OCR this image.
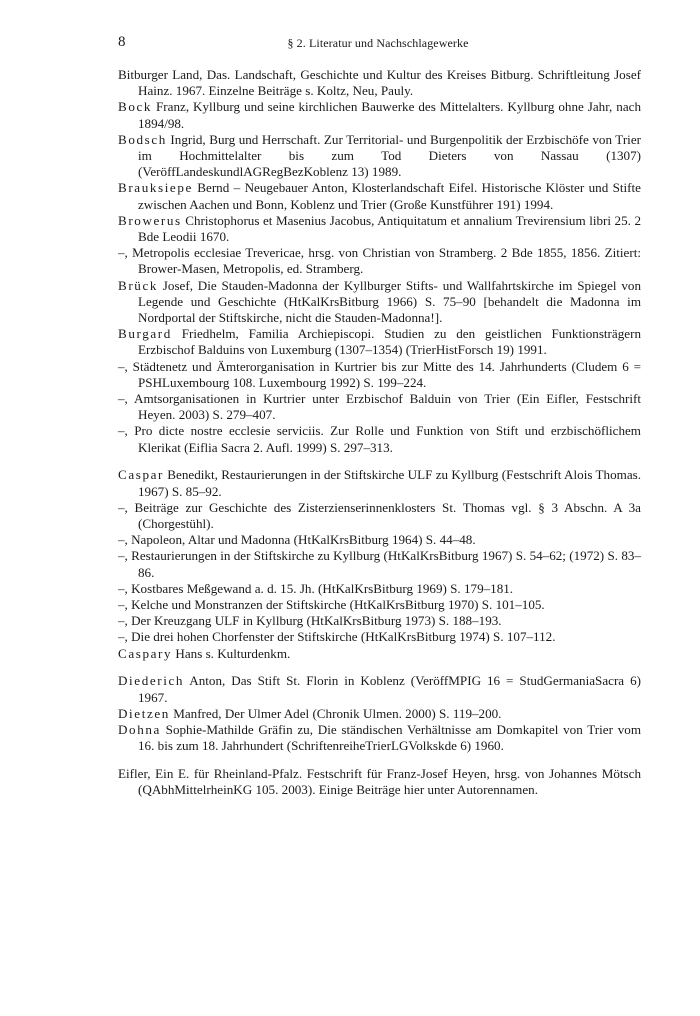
8	§ 2. Literatur und Nachschlagewerke

Bitburger Land, Das. Landschaft, Geschichte und Kultur des Kreises Bitburg. Schriftleitung Josef Hainz. 1967. Einzelne Beiträge s. Koltz, Neu, Pauly.

Bock Franz, Kyllburg und seine kirchlichen Bauwerke des Mittelalters. Kyllburg ohne Jahr, nach 1894/98.

Bodsch Ingrid, Burg und Herrschaft. Zur Territorial- und Burgenpolitik der Erzbischöfe von Trier im Hochmittelalter bis zum Tod Dieters von Nassau (1307) (VeröffLandeskundlAGRegBezKoblenz 13) 1989.

Brauksiepe Bernd – Neugebauer Anton, Klosterlandschaft Eifel. Historische Klöster und Stifte zwischen Aachen und Bonn, Koblenz und Trier (Große Kunstführer 191) 1994.

Browerus Christophorus et Masenius Jacobus, Antiquitatum et annalium Trevirensium libri 25. 2 Bde Leodii 1670.

–, Metropolis ecclesiae Trevericae, hrsg. von Christian von Stramberg. 2 Bde 1855, 1856. Zitiert: Brower-Masen, Metropolis, ed. Stramberg.

Brück Josef, Die Stauden-Madonna der Kyllburger Stifts- und Wallfahrtskirche im Spiegel von Legende und Geschichte (HtKalKrsBitburg 1966) S. 75–90 [behandelt die Madonna im Nordportal der Stiftskirche, nicht die Stauden-Madonna!].

Burgard Friedhelm, Familia Archiepiscopi. Studien zu den geistlichen Funktionsträgern Erzbischof Balduins von Luxemburg (1307–1354) (TrierHistForsch 19) 1991.

–, Städtenetz und Ämterorganisation in Kurtrier bis zur Mitte des 14. Jahrhunderts (Cludem 6 = PSHLuxembourg 108. Luxembourg 1992) S. 199–224.

–, Amtsorganisationen in Kurtrier unter Erzbischof Balduin von Trier (Ein Eifler, Festschrift Heyen. 2003) S. 279–407.

–, Pro dicte nostre ecclesie serviciis. Zur Rolle und Funktion von Stift und erzbischöflichem Klerikat (Eiflia Sacra 2. Aufl. 1999) S. 297–313.

Caspar Benedikt, Restaurierungen in der Stiftskirche ULF zu Kyllburg (Festschrift Alois Thomas. 1967) S. 85–92.

–, Beiträge zur Geschichte des Zisterzienserinnenklosters St. Thomas vgl. § 3 Abschn. A 3a (Chorgestühl).

–, Napoleon, Altar und Madonna (HtKalKrsBitburg 1964) S. 44–48.

–, Restaurierungen in der Stiftskirche zu Kyllburg (HtKalKrsBitburg 1967) S. 54–62; (1972) S. 83–86.

–, Kostbares Meßgewand a. d. 15. Jh. (HtKalKrsBitburg 1969) S. 179–181.

–, Kelche und Monstranzen der Stiftskirche (HtKalKrsBitburg 1970) S. 101–105.

–, Der Kreuzgang ULF in Kyllburg (HtKalKrsBitburg 1973) S. 188–193.

–, Die drei hohen Chorfenster der Stiftskirche (HtKalKrsBitburg 1974) S. 107–112.

Caspary Hans s. Kulturdenkm.

Diederich Anton, Das Stift St. Florin in Koblenz (VeröffMPIG 16 = StudGermaniaSacra 6) 1967.

Dietzen Manfred, Der Ulmer Adel (Chronik Ulmen. 2000) S. 119–200.

Dohna Sophie-Mathilde Gräfin zu, Die ständischen Verhältnisse am Domkapitel von Trier vom 16. bis zum 18. Jahrhundert (SchriftenreiheTrierLGVolkskde 6) 1960.

Eifler, Ein E. für Rheinland-Pfalz. Festschrift für Franz-Josef Heyen, hrsg. von Johannes Mötsch (QAbhMittelrheinKG 105. 2003). Einige Beiträge hier unter Autorennamen.
